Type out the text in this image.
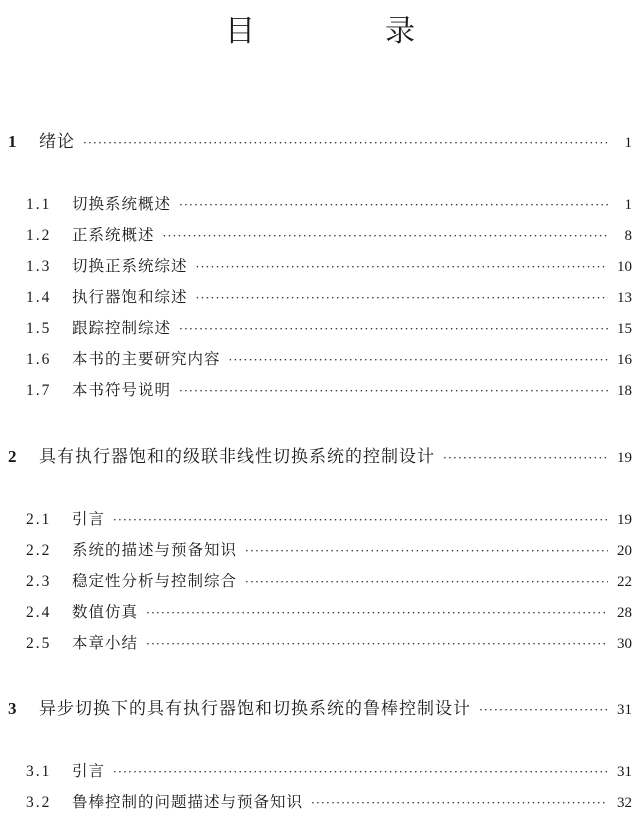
目　录
1	绪论 ·····	1
1.1	切换系统概述 ·····	1
1.2	正系统概述 ·····	8
1.3	切换正系统综述 ·····	10
1.4	执行器饱和综述 ·····	13
1.5	跟踪控制综述 ·····	15
1.6	本书的主要研究内容 ·····	16
1.7	本书符号说明 ·····	18
2	具有执行器饱和的级联非线性切换系统的控制设计 ·····	19
2.1	引言 ·····	19
2.2	系统的描述与预备知识 ·····	20
2.3	稳定性分析与控制综合 ·····	22
2.4	数值仿真 ·····	28
2.5	本章小结 ·····	30
3	异步切换下的具有执行器饱和切换系统的鲁棒控制设计 ·····	31
3.1	引言 ·····	31
3.2	鲁棒控制的问题描述与预备知识 ·····	32
